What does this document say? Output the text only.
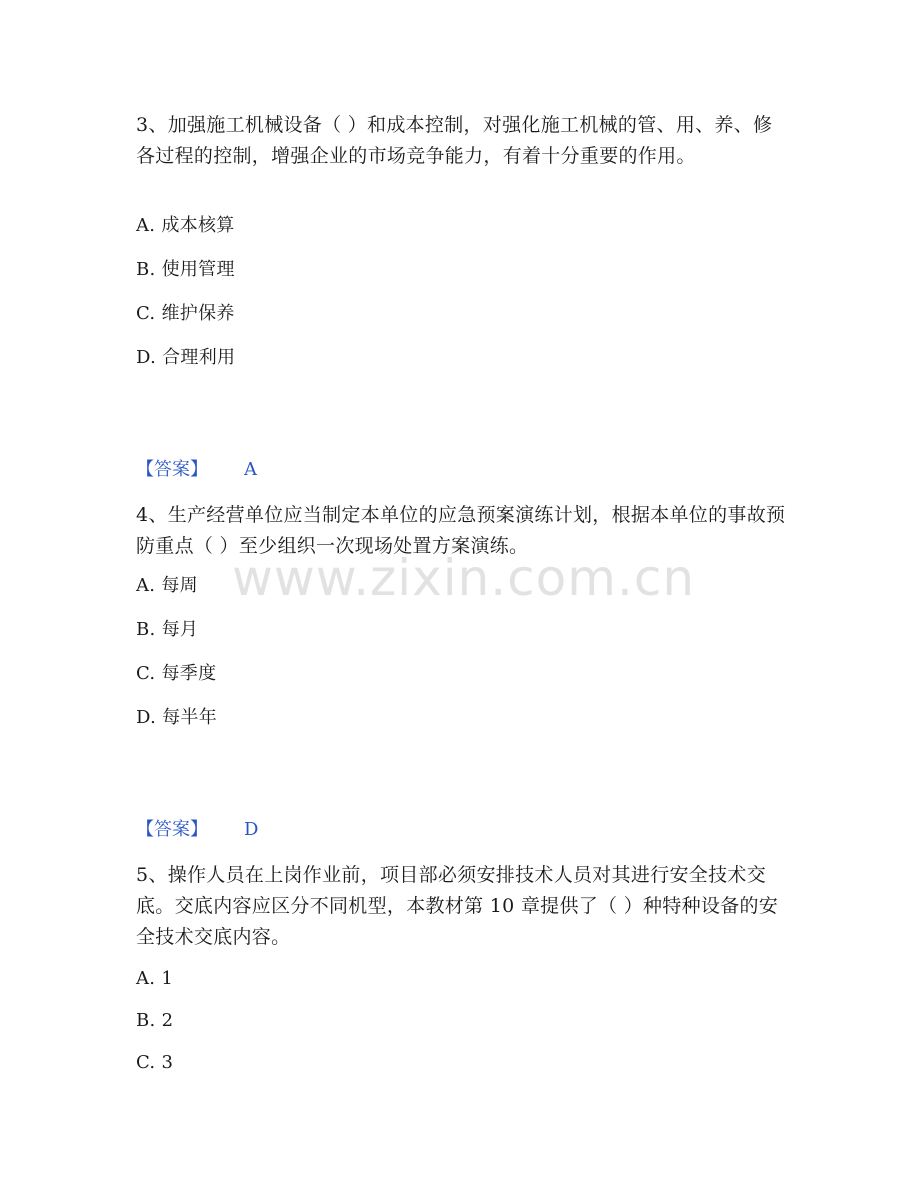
3、加强施工机械设备（ ）和成本控制，对强化施工机械的管、用、养、修各过程的控制，增强企业的市场竞争能力，有着十分重要的作用。
A. 成本核算
B. 使用管理
C. 维护保养
D. 合理利用
【答案】 A
4、生产经营单位应当制定本单位的应急预案演练计划，根据本单位的事故预防重点（ ）至少组织一次现场处置方案演练。
A. 每周
B. 每月
C. 每季度
D. 每半年
【答案】 D
5、操作人员在上岗作业前，项目部必须安排技术人员对其进行安全技术交底。交底内容应区分不同机型，本教材第 10 章提供了（ ）种特种设备的安全技术交底内容。
A. 1
B. 2
C. 3
www.zixin.com.cn
